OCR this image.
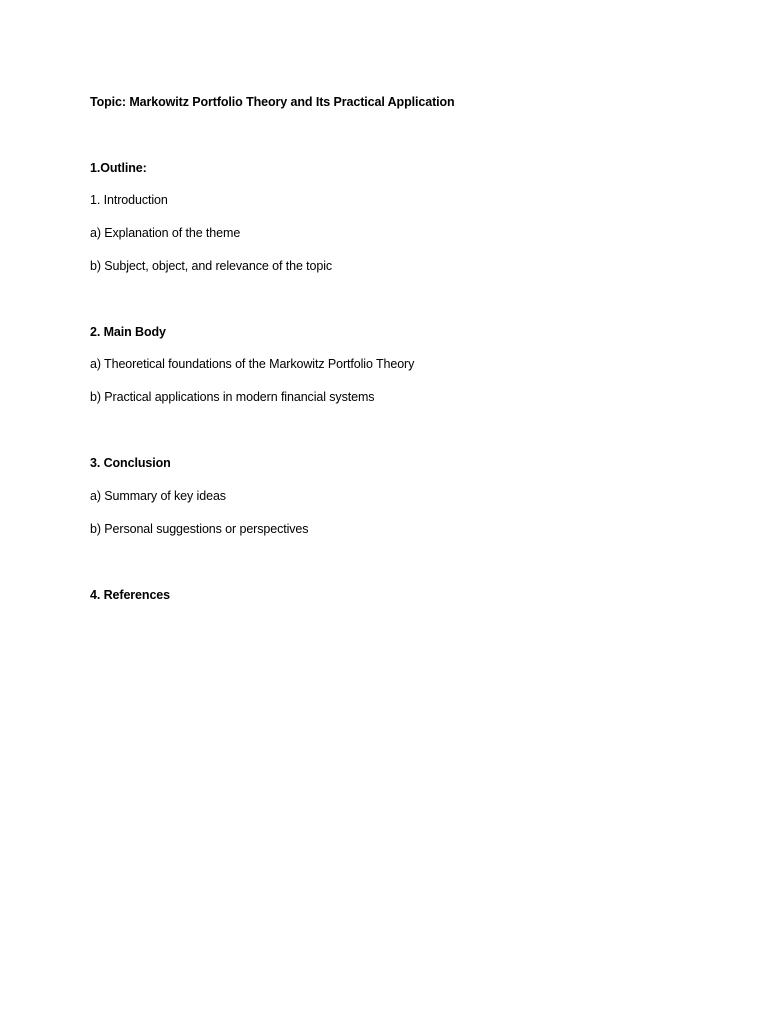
Topic: Markowitz Portfolio Theory and Its Practical Application
1.Outline:
1. Introduction
a) Explanation of the theme
b) Subject, object, and relevance of the topic
2. Main Body
a) Theoretical foundations of the Markowitz Portfolio Theory
b) Practical applications in modern financial systems
3. Conclusion
a) Summary of key ideas
b) Personal suggestions or perspectives
4. References
